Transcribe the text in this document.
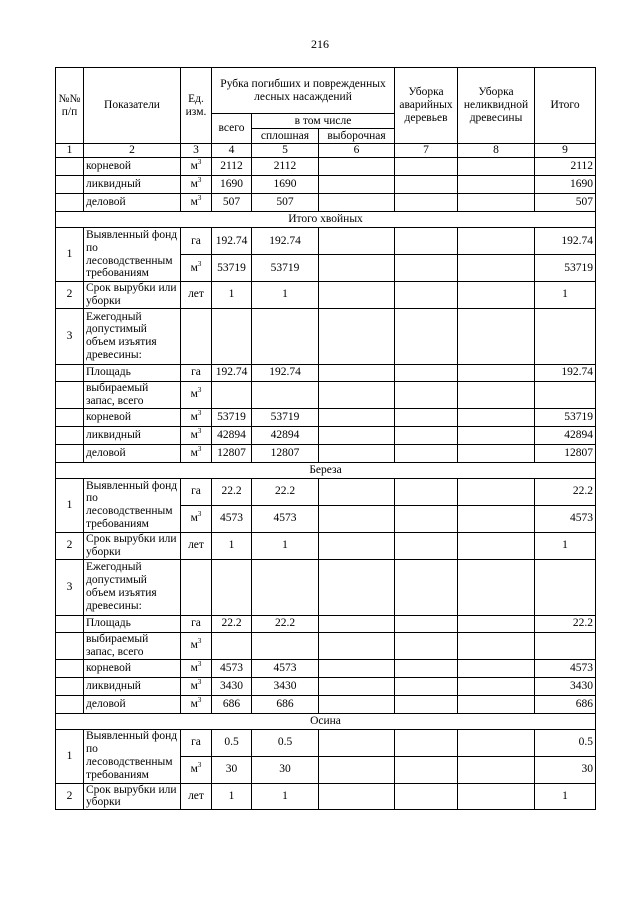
216
№№ п/п	Показатели	Ед. изм.	Рубка погибших и поврежденных лесных насаждений			Уборка аварийных деревьев	Уборка неликвидной древесины	Итого
			всего	в том числе				
				сплошная	выборочная			
1	2	3	4	5	6	7	8	9
	корневой	$м^3$	2112	2112				2112
	ликвидный	$м^3$	1690	1690				1690
	деловой	$м^3$	507	507				507
Итого хвойных								
1	Выявленный фонд по лесоводственным требованиям	га	192.74	192.74				192.74
		$м^3$	53719	53719				53719
2	Срок вырубки или уборки	лет	1	1				1
3	Ежегодный допустимый объем изъятия древесины:							
	Площадь	га	192.74	192.74				192.74
	выбираемый запас, всего	$м^3$						
	корневой	$м^3$	53719	53719				53719
	ликвидный	$м^3$	42894	42894				42894
	деловой	$м^3$	12807	12807				12807
Береза								
1	Выявленный фонд по лесоводственным требованиям	га	22.2	22.2				22.2
		$м^3$	4573	4573				4573
2	Срок вырубки или уборки	лет	1	1				1
3	Ежегодный допустимый объем изъятия древесины:							
	Площадь	га	22.2	22.2				22.2
	выбираемый запас, всего	$м^3$						
	корневой	$м^3$	4573	4573				4573
	ликвидный	$м^3$	3430	3430				3430
	деловой	$м^3$	686	686				686
Осина								
1	Выявленный фонд по лесоводственным требованиям	га	0.5	0.5				0.5
		$м^3$	30	30				30
2	Срок вырубки или уборки	лет	1	1				1
